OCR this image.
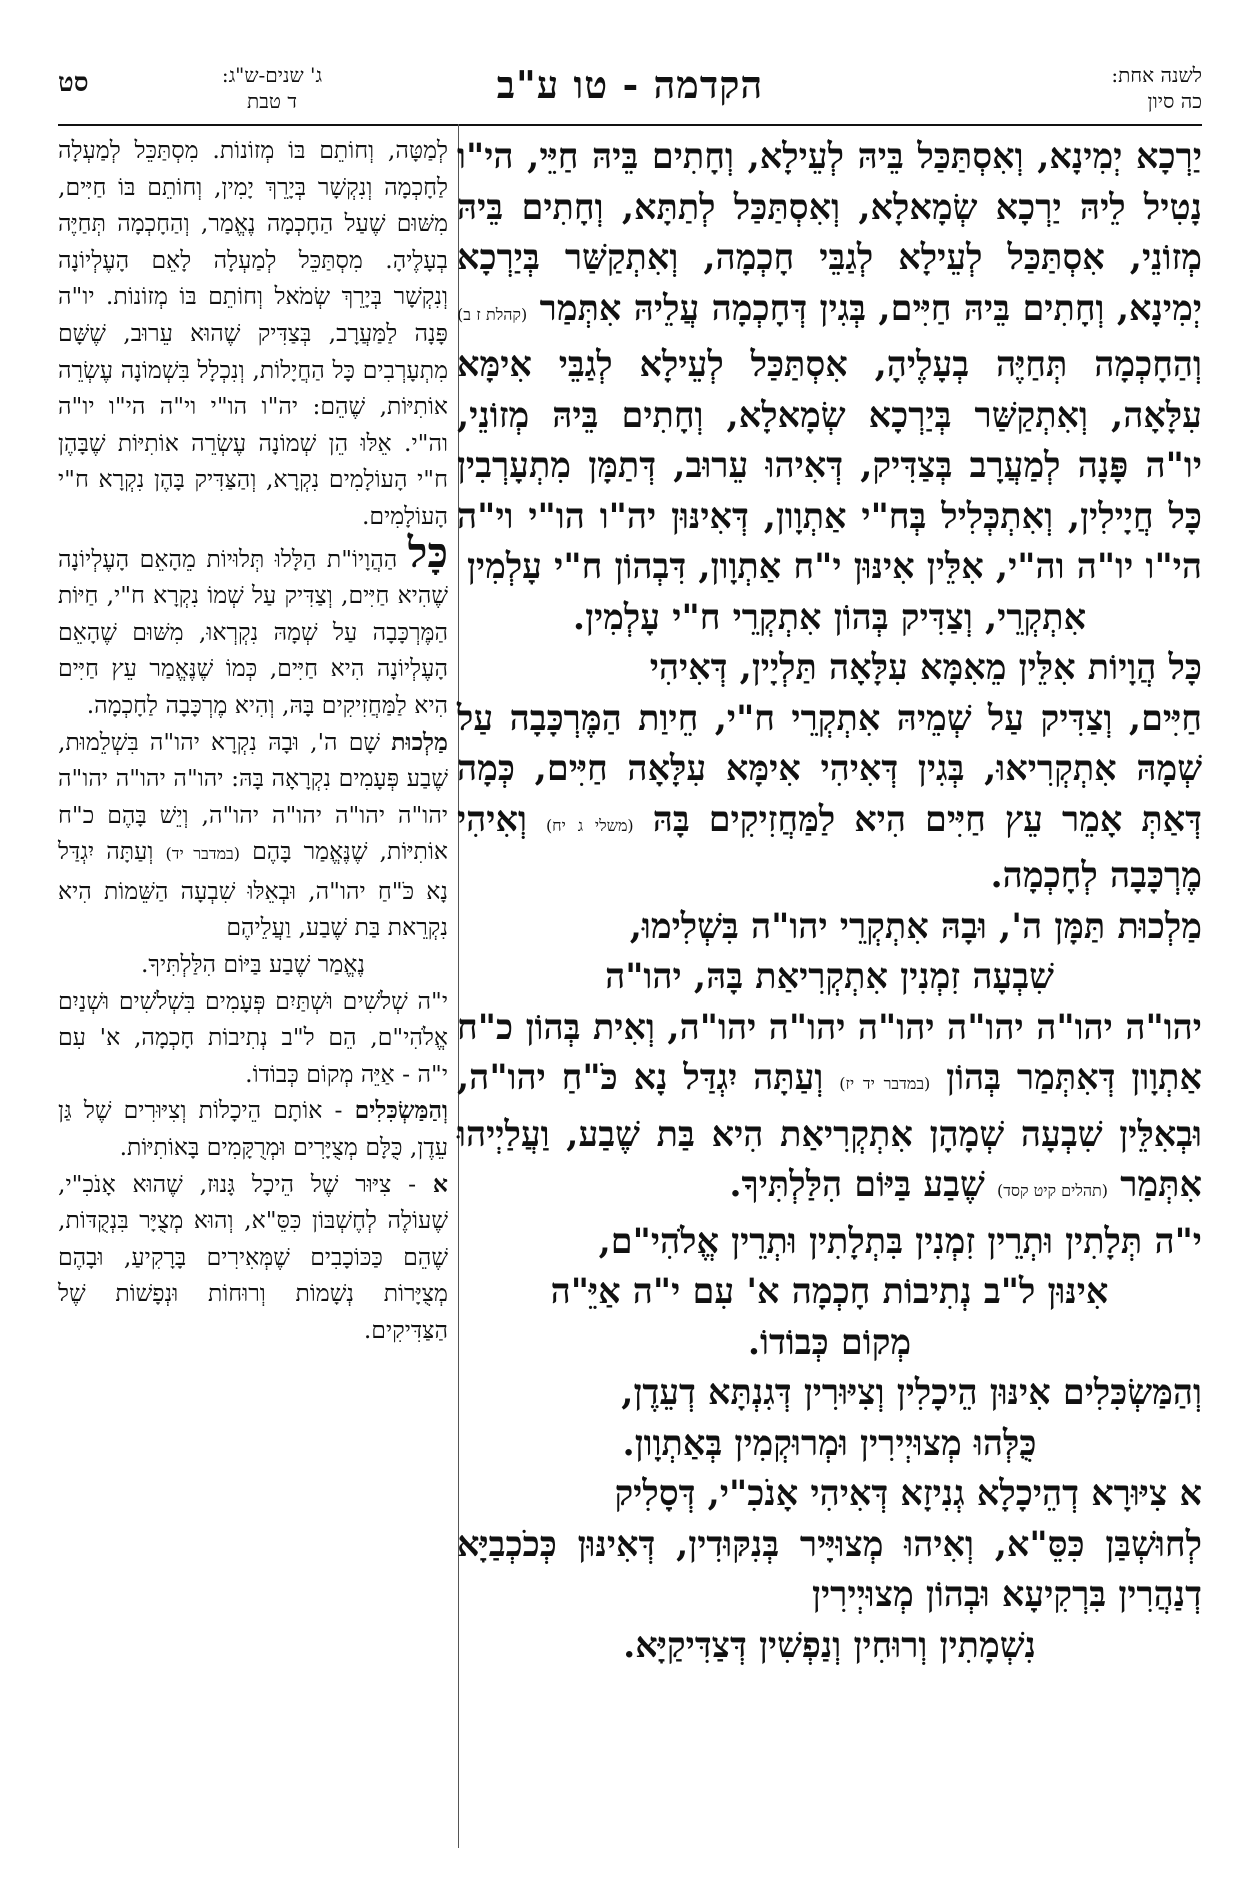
סט	ג' שנים-ש"ג:
ד טבת	הקדמה - טו ע"ב	לשנה אחת:
כה סיון

יַרְכָא יְמִינָא, וְאִסְתַּכַּל בֵּיהּ לְעֵילָא, וְחָתִים בֵּיהּ חַיֵּי, הי"ו נָטִיל לֵיהּ יַרְכָא שְׂמָאלָא, וְאִסְתַּכַּל לְתַתָּא, וְחָתִים בֵּיהּ מְזוֹנֵי, אִסְתַּכַּל לְעֵילָא לְגַבֵּי חָכְמָה, וְאִתְקַשַּׁר בְּיַרְכָא יְמִינָא, וְחָתִים בֵּיהּ חַיִּים, בְּגִין דְּחָכְמָה עֲלֵיהּ אִתְּמַר (קהלת ז ב) וְהַחָכְמָה תְּחַיֶּה בְעָלֶיהָ, אִסְתַּכַּל לְעֵילָא לְגַבֵּי אִימָּא עִלָּאָה, וְאִתְקַשַּׁר בְּיַרְכָא שְׂמָאלָא, וְחָתִים בֵּיהּ מְזוֹנֵי, יו"ה פָּנָה לְמַעֲרָב בְּצַדִּיק, דְּאִיהוּ עֵרוּב, דְּתַמָּן מִתְעָרְבִין כָּל חֲיָילִין, וְאִתְכְּלִיל בְּח"י אַתְוָון, דְּאִינּוּן יה"ו הו"י וי"ה הי"ו יו"ה וה"י, אִלֵּין אִינּוּן י"ח אַתְוָון, דִּבְהוֹן ח"י עָלְמִין

אִתְקְרֵי, וְצַדִּיק בְּהוֹן אִתְקְרֵי ח"י עָלְמִין.

כָּל הֲוָיוֹת אִלֵּין מֵאִמָּא עִלָּאָה תַּלְיָין, דְּאִיהִי

חַיִּים, וְצַדִּיק עַל שְׁמֵיהּ אִתְקְרֵי ח"י, חֵיוַת הַמֶּרְכָּבָה עַל שְׁמָהּ אִתְקְרִיאוּ, בְּגִין דְּאִיהִי אִימָּא עִלָּאָה חַיִּים, כְּמָה דְּאַתְּ אָמֵר עֵץ חַיִּים הִיא לַמַּחֲזִיקִים בָּהּ (משלי ג יח) וְאִיהִי מֶרְכָּבָה לְחָכְמָה.

מַלְכוּת תַּמָּן ה', וּבָהּ אִתְקְרֵי יהו"ה בִּשְׁלִימוּ,

שִׁבְעָה זִמְנִין אִתְקְרִיאַת בָּהּ, יהו"ה

יהו"ה יהו"ה יהו"ה יהו"ה יהו"ה יהו"ה, וְאִית בְּהוֹן כ"ח אַתְוָון דְּאִתְּמַר בְּהוֹן (במדבר יד יז) וְעַתָּה יִגְדַּל נָא כֹּ"חַ יהו"ה, וּבְאִלֵּין שִׁבְעָה שְׁמָהָן אִתְקְרִיאַת הִיא בַּת שֶׁבַע, וַעֲלַיְיהוּ אִתְּמַר (תהלים קיט קסד) שֶׁבַע בַּיּוֹם הִלַּלְתִּיךָ.

י"ה תְּלָתִין וּתְרֵין זִמְנִין בִּתְלָתִין וּתְרֵין אֱלֹהִי"ם,

אִינּוּן ל"ב נְתִיבוֹת חָכְמָה א' עִם י"ה אַיֵּ"ה

מְקוֹם כְּבוֹדוֹ.

וְהַמַּשְׂכִּלִים אִינּוּן הֵיכָלִין וְצִיּוּרִין דְּגִנְתָּא דְעֵדֶן,

כֻּלְּהוּ מְצוּיְירִין וּמְרוּקְמִין בְּאַתְוָון.

א צִיּוּרָא דְהֵיכָלָא גְנִיזָא דְּאִיהִי אָנֹכִ"י, דְּסָלִיק

לְחוּשְׁבַּן כִּסֵּ"א, וְאִיהוּ מְצוּיָּיר בְּנִקּוּדִין, דְּאִינּוּן כְּכֹכְבַיָּא דְנַהֲרִין בִּרְקִיעָא וּבְהוֹן מְצוּיְירִין

נִשְׁמָתִין וְרוּחִין וְנַפְשִׁין דְּצַדִּיקַיָּא.

לְמַטָּה, וְחוֹתֵם בּוֹ מְזוֹנוֹת. מִסְתַּכֵּל לְמַעְלָה לַחָכְמָה וְנִקְשָׁר בְּיָרֵךְ יָמִין, וְחוֹתֵם בּוֹ חַיִּים, מִשּׁוּם שֶׁעַל הַחָכְמָה נֶאֱמַר, וְהַחָכְמָה תְּחַיֶּה בְעָלֶיהָ. מִסְתַּכֵּל לְמַעְלָה לָאֵם הָעֶלְיוֹנָה וְנִקְשָׁר בְּיָרֵךְ שְׂמֹאל וְחוֹתֵם בּוֹ מְזוֹנוֹת. יו"ה פָּנָה לַמַּעֲרָב, בְּצַדִּיק שֶׁהוּא עֵרוּב, שֶׁשָּׁם מִתְעָרְבִים כָּל הַחֲיָלוֹת, וְנִכְלָל בִּשְׁמוֹנָה עֶשְׂרֵה אוֹתִיּוֹת, שֶׁהֵם: יה"ו הו"י וי"ה הי"ו יו"ה וה"י. אֵלּוּ הֵן שְׁמוֹנָה עֶשְׂרֵה אוֹתִיּוֹת שֶׁבָּהֶן ח"י הָעוֹלָמִים נִקְרָא, וְהַצַּדִּיק בָּהֶן נִקְרָא ח"י הָעוֹלָמִים.

כָּל הַהֲוָיוֹ"ת הַלָּלוּ תְּלוּיוֹת מֵהָאֵם הָעֶלְיוֹנָה שֶׁהִיא חַיִּים, וְצַדִּיק עַל שְׁמוֹ נִקְרָא ח"י, חַיּוֹת הַמֶּרְכָּבָה עַל שְׁמָהּ נִקְרְאוּ, מִשּׁוּם שֶׁהָאֵם הָעֶלְיוֹנָה הִיא חַיִּים, כְּמוֹ שֶׁנֶּאֱמַר עֵץ חַיִּים הִיא לַמַּחֲזִיקִים בָּהּ, וְהִיא מֶרְכָּבָה לַחָכְמָה.

מַלְכוּת שָׁם ה', וּבָהּ נִקְרָא יהו"ה בִּשְׁלֵמוּת, שֶׁבַע פְּעָמִים נִקְרָאָה בָּהּ: יהו"ה יהו"ה יהו"ה יהו"ה יהו"ה יהו"ה יהו"ה, וְיֵשׁ בָּהֶם כ"ח אוֹתִיּוֹת, שֶׁנֶּאֱמַר בָּהֶם (במדבר יד) וְעַתָּה יִגְדַּל נָא כֹּ"חַ יהו"ה, וּבְאֵלּוּ שִׁבְעָה הַשֵּׁמוֹת הִיא נִקְרֵאת בַּת שֶׁבַע, וַעֲלֵיהֶם

נֶאֱמַר שֶׁבַע בַּיּוֹם הִלַּלְתִּיךָ.

י"ה שְׁלֹשִׁים וּשְׁתַּיִם פְּעָמִים בִּשְׁלֹשִׁים וּשְׁנַיִם אֱלֹהִי"ם, הֵם ל"ב נְתִיבוֹת חָכְמָה, א' עִם י"ה - אַיֵּה מְקוֹם כְּבוֹדוֹ.

וְהַמַּשְׂכִּלִים - אוֹתָם הֵיכָלוֹת וְצִיּוּרִים שֶׁל גַּן עֵדֶן, כֻּלָּם מְצֻיָּרִים וּמְרֻקָּמִים בָּאוֹתִיּוֹת.

א - צִיּוּר שֶׁל הֵיכָל גָּנוּז, שֶׁהוּא אָנֹכִ"י, שֶׁעוֹלֶה לְחֶשְׁבּוֹן כִּסֵּ"א, וְהוּא מְצֻיָּר בִּנְקֻדּוֹת, שֶׁהֵם כַּכּוֹכָבִים שֶׁמְּאִירִים בָּרָקִיעַ, וּבָהֶם מְצֻיָּרוֹת נְשָׁמוֹת וְרוּחוֹת וּנְפָשׁוֹת שֶׁל הַצַּדִּיקִים.
